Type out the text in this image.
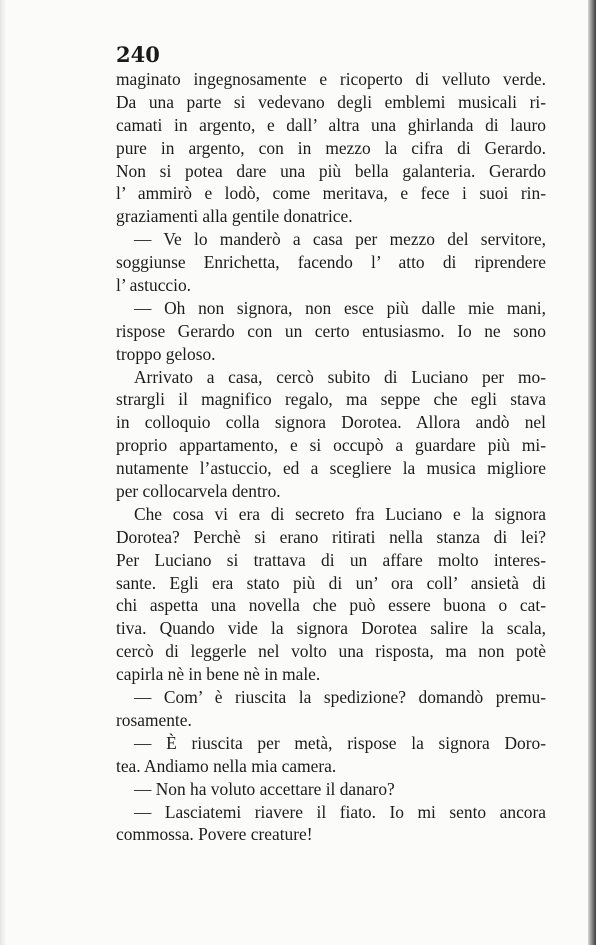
240
maginato ingegnosamente e ricoperto di velluto verde.
Da una parte si vedevano degli emblemi musicali ri-
camati in argento, e dall’ altra una ghirlanda di lauro
pure in argento, con in mezzo la cifra di Gerardo.
Non si potea dare una più bella galanteria. Gerardo
l’ ammirò e lodò, come meritava, e fece i suoi rin-
graziamenti alla gentile donatrice.
— Ve lo manderò a casa per mezzo del servitore,
soggiunse Enrichetta, facendo l’ atto di riprendere
l’ astuccio.
— Oh non signora, non esce più dalle mie mani,
rispose Gerardo con un certo entusiasmo. Io ne sono
troppo geloso.
Arrivato a casa, cercò subito di Luciano per mo-
strargli il magnifico regalo, ma seppe che egli stava
in colloquio colla signora Dorotea. Allora andò nel
proprio appartamento, e si occupò a guardare più mi-
nutamente l’astuccio, ed a scegliere la musica migliore
per collocarvela dentro.
Che cosa vi era di secreto fra Luciano e la signora
Dorotea? Perchè si erano ritirati nella stanza di lei?
Per Luciano si trattava di un affare molto interes-
sante. Egli era stato più di un’ ora coll’ ansietà di
chi aspetta una novella che può essere buona o cat-
tiva. Quando vide la signora Dorotea salire la scala,
cercò di leggerle nel volto una risposta, ma non potè
capirla nè in bene nè in male.
— Com’ è riuscita la spedizione? domandò premu-
rosamente.
— È riuscita per metà, rispose la signora Doro-
tea. Andiamo nella mia camera.
— Non ha voluto accettare il danaro?
— Lasciatemi riavere il fiato. Io mi sento ancora
commossa. Povere creature!
